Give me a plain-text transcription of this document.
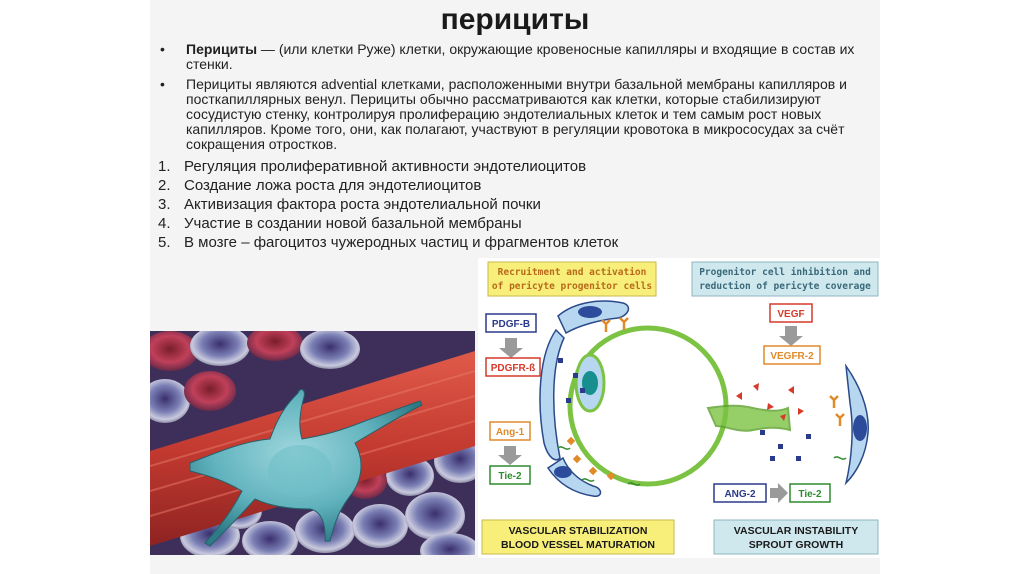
перициты
•	Перициты — (или клетки Руже) клетки, окружающие кровеносные капилляры и входящие в состав их стенки.
•	Перициты являются adventіal клетками, расположенными внутри базальной мембраны капилляров и посткапиллярных венул. Перициты обычно рассматриваются как клетки, которые стабилизируют сосудистую стенку, контролируя пролиферацию эндотелиальных клеток и тем самым рост новых капилляров. Кроме того, они, как полагают, участвуют в регуляции кровотока в микрососудах за счёт сокращения отростков.
1. Регуляция пролиферативной активности эндотелиоцитов
2. Создание ложа роста для эндотелиоцитов
3. Активизация фактора роста эндотелиальной почки
4. Участие в создании новой базальной мембраны
5. В мозге – фагоцитоз чужеродных частиц и фрагментов клеток
Recruitment and activation
of pericyte progenitor cells
Progenitor cell inhibition and
reduction of pericyte coverage
PDGF-B
PDGFR-ß
Ang-1
Tie-2
VEGF
VEGFR-2
ANG-2	Tie-2
VASCULAR STABILIZATION
BLOOD VESSEL MATURATION
VASCULAR INSTABILITY
SPROUT GROWTH
